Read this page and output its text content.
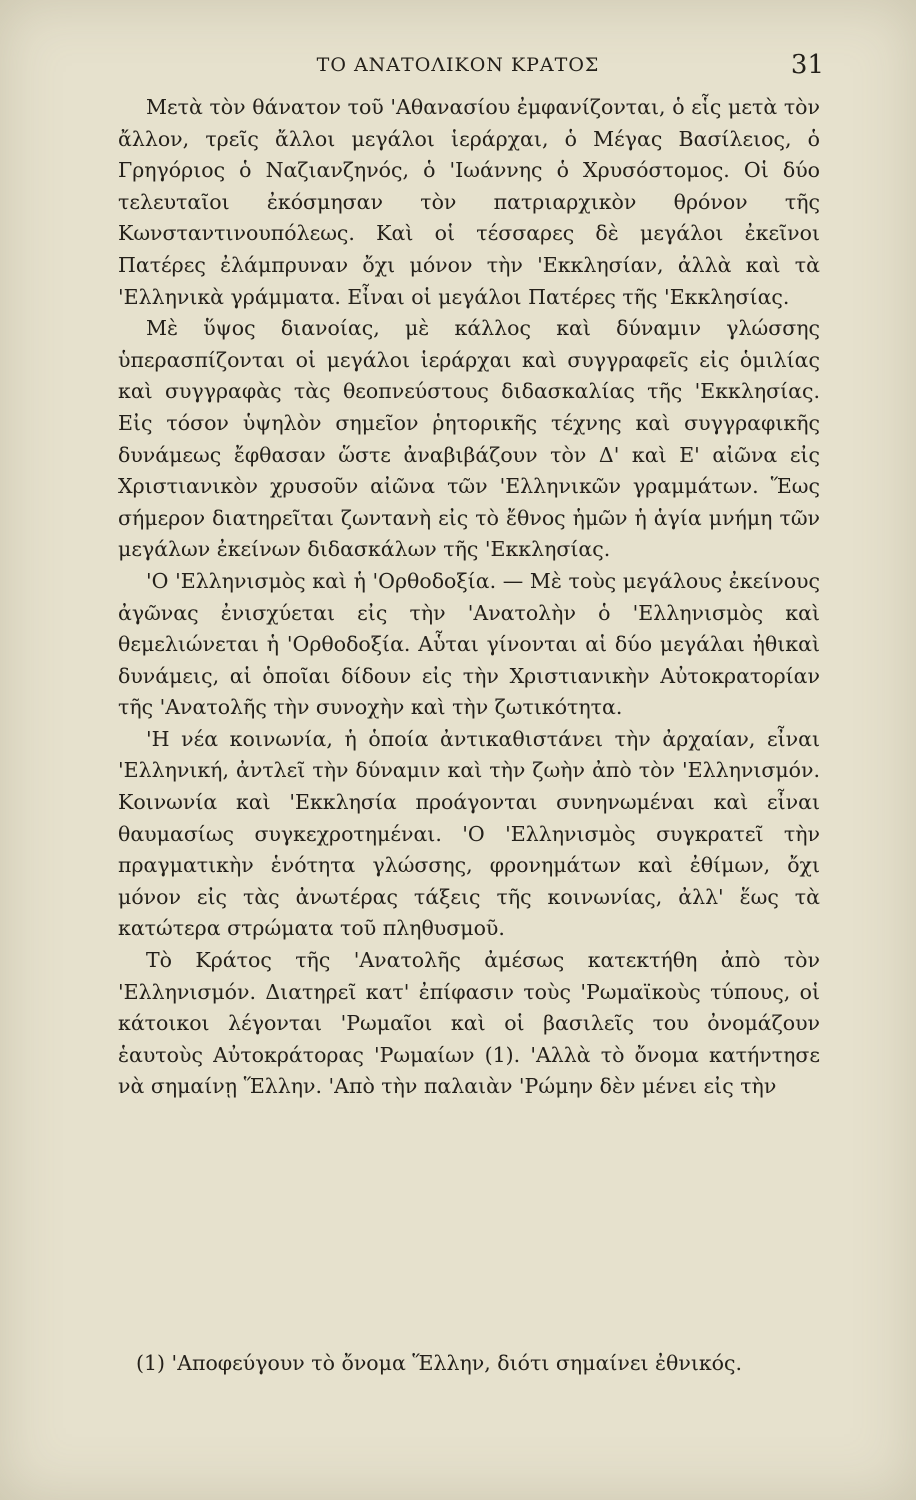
ΤΟ ΑΝΑΤΟΛΙΚΟΝ ΚΡΑΤΟΣ	31

Μετὰ τὸν θάνατον τοῦ 'Αθανασίου ἐμφανίζονται, ὁ εἷς μετὰ τὸν ἄλλον, τρεῖς ἄλλοι μεγάλοι ἱεράρχαι, ὁ Μέγας Βασίλειος, ὁ Γρηγόριος ὁ Ναζιανζηνός, ὁ 'Ιωάννης ὁ Χρυσόστομος. Οἱ δύο τελευταῖοι ἐκόσμησαν τὸν πατριαρχικὸν θρόνον τῆς Κωνσταντινουπόλεως. Καὶ οἱ τέσσαρες δὲ μεγάλοι ἐκεῖνοι Πατέρες ἐλάμπρυναν ὄχι μόνον τὴν 'Εκκλησίαν, ἀλλὰ καὶ τὰ 'Ελληνικὰ γράμματα. Εἶναι οἱ μεγάλοι Πατέρες τῆς 'Εκκλησίας.

Μὲ ὕψος διανοίας, μὲ κάλλος καὶ δύναμιν γλώσσης ὑπερασπίζονται οἱ μεγάλοι ἱεράρχαι καὶ συγγραφεῖς εἰς ὁμιλίας καὶ συγγραφὰς τὰς θεοπνεύστους διδασκαλίας τῆς 'Εκκλησίας. Εἰς τόσον ὑψηλὸν σημεῖον ῥητορικῆς τέχνης καὶ συγγραφικῆς δυνάμεως ἔφθασαν ὥστε ἀναβιβάζουν τὸν Δ' καὶ Ε' αἰῶνα εἰς Χριστιανικὸν χρυσοῦν αἰῶνα τῶν 'Ελληνικῶν γραμμάτων. Ἕως σήμερον διατηρεῖται ζωντανὴ εἰς τὸ ἔθνος ἡμῶν ἡ ἁγία μνήμη τῶν μεγάλων ἐκείνων διδασκάλων τῆς 'Εκκλησίας.

'Ο 'Ελληνισμὸς καὶ ἡ 'Ορθοδοξία. — Μὲ τοὺς μεγάλους ἐκείνους ἀγῶνας ἐνισχύεται εἰς τὴν 'Ανατολὴν ὁ 'Ελληνισμὸς καὶ θεμελιώνεται ἡ 'Ορθοδοξία. Αὗται γίνονται αἱ δύο μεγάλαι ἠθικαὶ δυνάμεις, αἱ ὁποῖαι δίδουν εἰς τὴν Χριστιανικὴν Αὐτοκρατορίαν τῆς 'Ανατολῆς τὴν συνοχὴν καὶ τὴν ζωτικότητα.

'Η νέα κοινωνία, ἡ ὁποία ἀντικαθιστάνει τὴν ἀρχαίαν, εἶναι 'Ελληνική, ἀντλεῖ τὴν δύναμιν καὶ τὴν ζωὴν ἀπὸ τὸν 'Ελληνισμόν. Κοινωνία καὶ 'Εκκλησία προάγονται συνηνωμέναι καὶ εἶναι θαυμασίως συγκεχροτημέναι. 'Ο 'Ελληνισμὸς συγκρατεῖ τὴν πραγματικὴν ἑνότητα γλώσσης, φρονημάτων καὶ ἐθίμων, ὄχι μόνον εἰς τὰς ἀνωτέρας τάξεις τῆς κοινωνίας, ἀλλ' ἕως τὰ κατώτερα στρώματα τοῦ πληθυσμοῦ.

Τὸ Κράτος τῆς 'Ανατολῆς ἀμέσως κατεκτήθη ἀπὸ τὸν 'Ελληνισμόν. Διατηρεῖ κατ' ἐπίφασιν τοὺς 'Ρωμαϊκοὺς τύπους, οἱ κάτοικοι λέγονται 'Ρωμαῖοι καὶ οἱ βασιλεῖς του ὀνομάζουν ἑαυτοὺς Αὐτοκράτορας 'Ρωμαίων (1). 'Αλλὰ τὸ ὄνομα κατήντησε νὰ σημαίνῃ Ἕλλην. 'Απὸ τὴν παλαιὰν 'Ρώμην δὲν μένει εἰς τὴν

(1) 'Απoφεύγουν τὸ ὄνομα Ἕλλην, διότι σημαίνει ἐθνικός.
